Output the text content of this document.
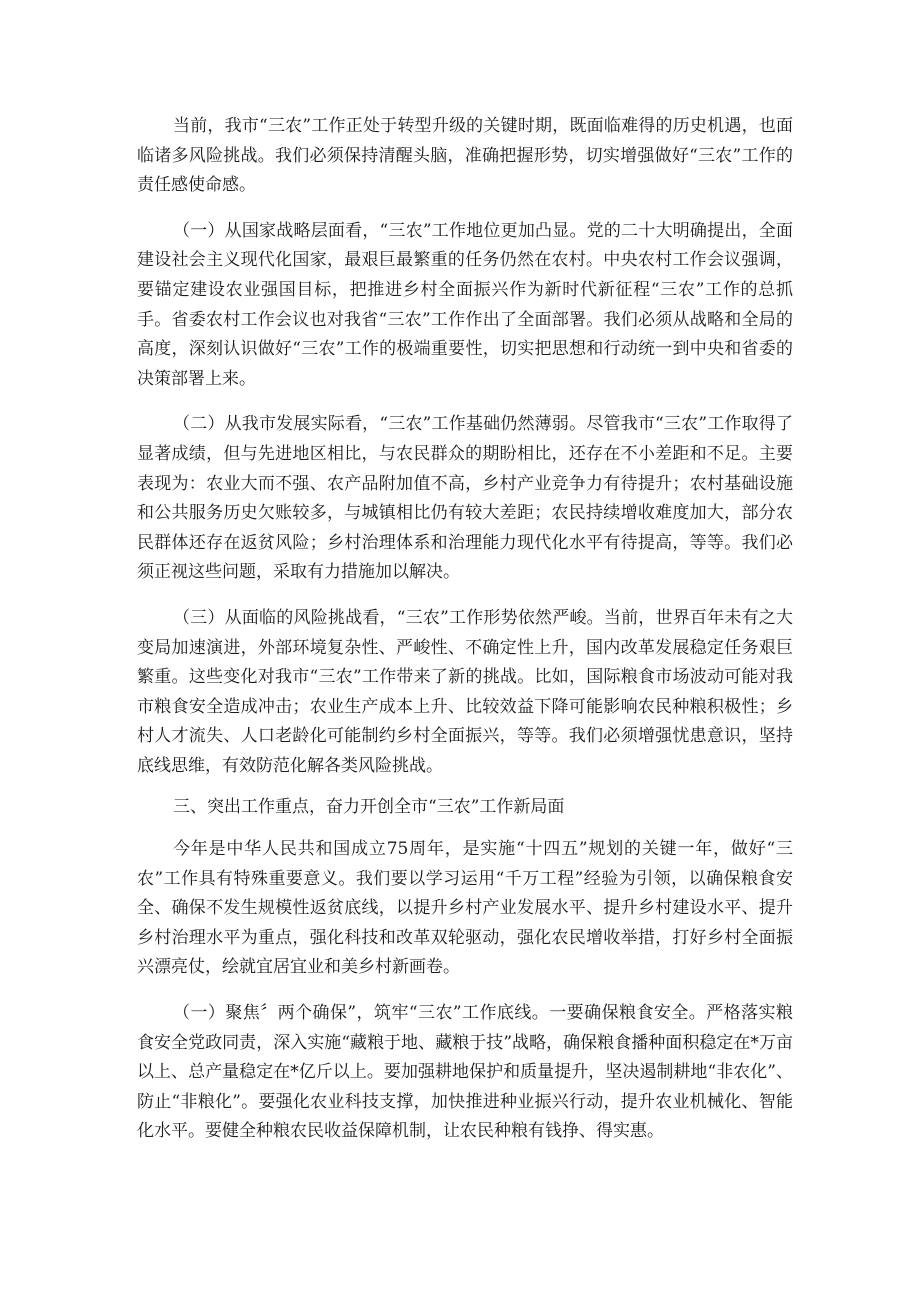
当前，我市“三农”工作正处于转型升级的关键时期，既面临难得的历史机遇，也面临诸多风险挑战。我们必须保持清醒头脑，准确把握形势，切实增强做好“三农”工作的责任感使命感。

（一）从国家战略层面看，“三农”工作地位更加凸显。党的二十大明确提出，全面建设社会主义现代化国家，最艰巨最繁重的任务仍然在农村。中央农村工作会议强调，要锚定建设农业强国目标，把推进乡村全面振兴作为新时代新征程“三农”工作的总抓手。省委农村工作会议也对我省“三农”工作作出了全面部署。我们必须从战略和全局的高度，深刻认识做好“三农”工作的极端重要性，切实把思想和行动统一到中央和省委的决策部署上来。

（二）从我市发展实际看，“三农”工作基础仍然薄弱。尽管我市“三农”工作取得了显著成绩，但与先进地区相比，与农民群众的期盼相比，还存在不小差距和不足。主要表现为：农业大而不强、农产品附加值不高，乡村产业竞争力有待提升；农村基础设施和公共服务历史欠账较多，与城镇相比仍有较大差距；农民持续增收难度加大，部分农民群体还存在返贫风险；乡村治理体系和治理能力现代化水平有待提高，等等。我们必须正视这些问题，采取有力措施加以解决。

（三）从面临的风险挑战看，“三农”工作形势依然严峻。当前，世界百年未有之大变局加速演进，外部环境复杂性、严峻性、不确定性上升，国内改革发展稳定任务艰巨繁重。这些变化对我市“三农”工作带来了新的挑战。比如，国际粮食市场波动可能对我市粮食安全造成冲击；农业生产成本上升、比较效益下降可能影响农民种粮积极性；乡村人才流失、人口老龄化可能制约乡村全面振兴，等等。我们必须增强忧患意识，坚持底线思维，有效防范化解各类风险挑战。

三、突出工作重点，奋力开创全市“三农”工作新局面

今年是中华人民共和国成立75周年，是实施“十四五”规划的关键一年，做好“三农”工作具有特殊重要意义。我们要以学习运用“千万工程”经验为引领，以确保粮食安全、确保不发生规模性返贫底线，以提升乡村产业发展水平、提升乡村建设水平、提升乡村治理水平为重点，强化科技和改革双轮驱动，强化农民增收举措，打好乡村全面振兴漂亮仗，绘就宜居宜业和美乡村新画卷。

（一）聚焦〞两个确保”，筑牢“三农”工作底线。一要确保粮食安全。严格落实粮食安全党政同责，深入实施“藏粮于地、藏粮于技”战略，确保粮食播种面积稳定在*万亩以上、总产量稳定在*亿斤以上。要加强耕地保护和质量提升，坚决遏制耕地“非农化”、防止“非粮化”。要强化农业科技支撑，加快推进种业振兴行动，提升农业机械化、智能化水平。要健全种粮农民收益保障机制，让农民种粮有钱挣、得实惠。
